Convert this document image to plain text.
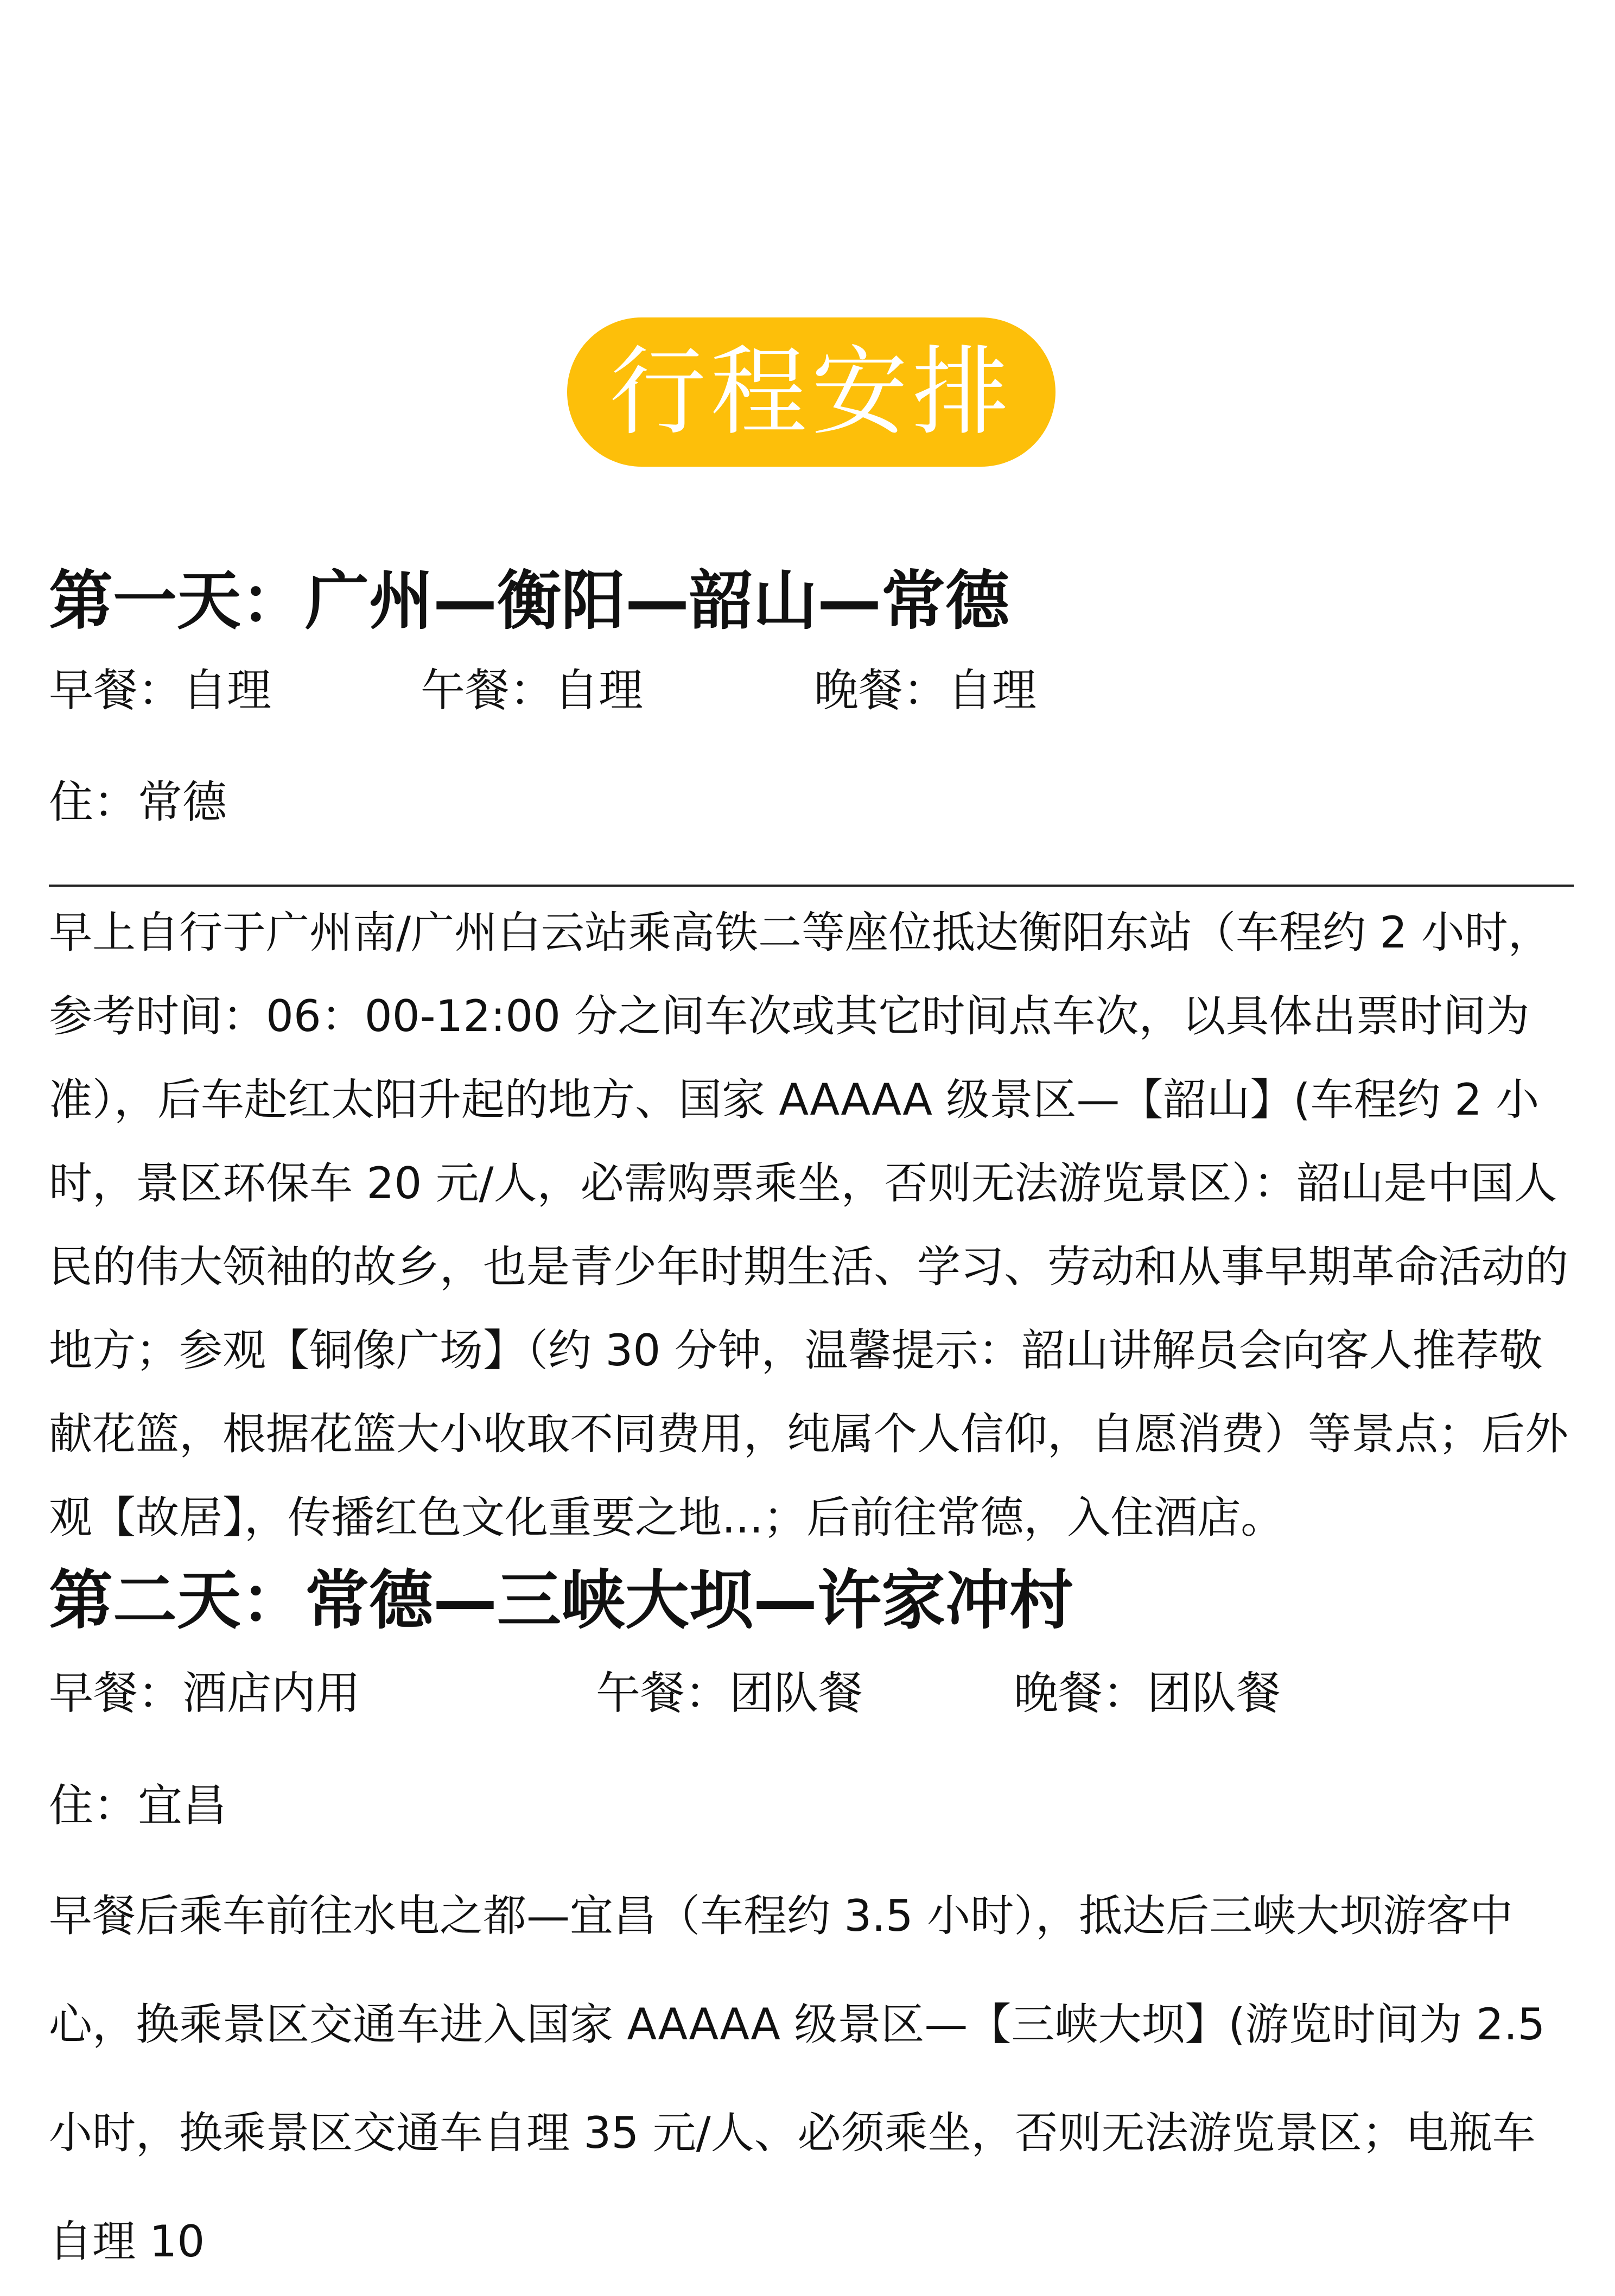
行程安排
第一天：广州—衡阳—韶山—常德
早餐：自理	午餐：自理	晚餐：自理
住：常德

早上自行于广州南/广州白云站乘高铁二等座位抵达衡阳东站（车程约 2 小时，参考时间：06：00-12:00 分之间车次或其它时间点车次，以具体出票时间为准），后车赴红太阳升起的地方、国家 AAAAA 级景区—【韶山】(车程约 2 小时，景区环保车 20 元/人，必需购票乘坐，否则无法游览景区）：韶山是中国人民的伟大领袖的故乡，也是青少年时期生活、学习、劳动和从事早期革命活动的地方；参观【铜像广场】（约 30 分钟，温馨提示：韶山讲解员会向客人推荐敬献花篮，根据花篮大小收取不同费用，纯属个人信仰，自愿消费）等景点；后外观【故居】，传播红色文化重要之地...；后前往常德，入住酒店。

第二天：常德—三峡大坝—许家冲村
早餐：酒店内用	午餐：团队餐	晚餐：团队餐
住：宜昌

早餐后乘车前往水电之都—宜昌（车程约 3.5 小时），抵达后三峡大坝游客中心，换乘景区交通车进入国家 AAAAA 级景区—【三峡大坝】(游览时间为 2.5 小时，换乘景区交通车自理 35 元/人、必须乘坐，否则无法游览景区；电瓶车自理 10
